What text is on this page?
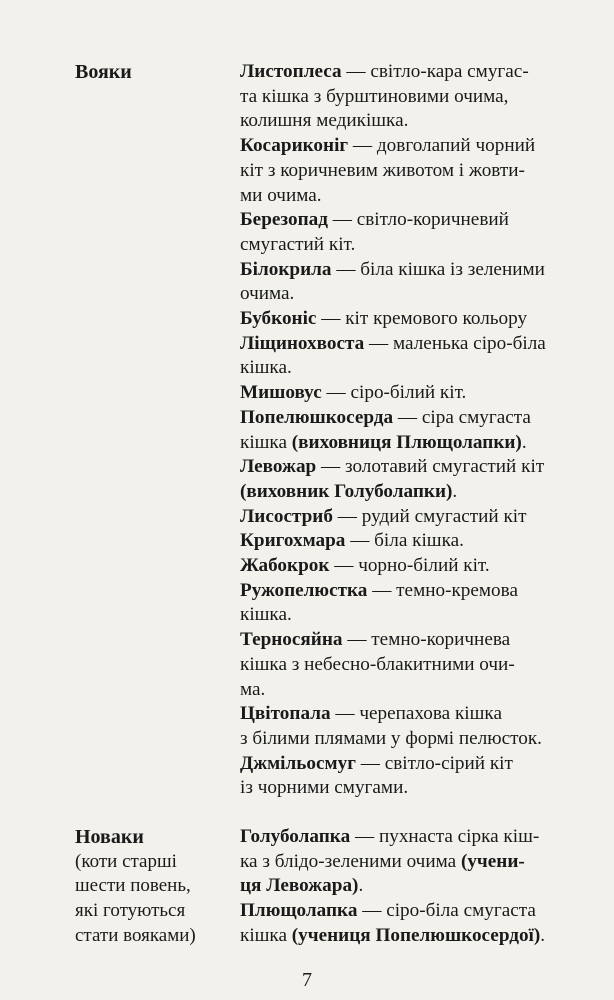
Вояки	Листоплеса — світло-кара смугас-
та кішка з бурштиновими очима,
колишня медикішка.
Косариконіг — довголапий чорний
кіт з коричневим животом і жовти-
ми очима.
Березопад — світло-коричневий
смугастий кіт.
Білокрила — біла кішка із зеленими
очима.
Бубконіс — кіт кремового кольору
Ліщинохвоста — маленька сіро-біла
кішка.
Мишовус — сіро-білий кіт.
Попелюшкосерда — сіра смугаста
кішка (виховниця Плющолапки).
Левожар — золотавий смугастий кіт
(виховник Голуболапки).
Лисостриб — рудий смугастий кіт
Кригохмара — біла кішка.
Жабокрок — чорно-білий кіт.
Ружопелюстка — темно-кремова
кішка.
Терносяйна — темно-коричнева
кішка з небесно-блакитними очи-
ма.
Цвітопала — черепахова кішка
з білими плямами у формі пелюсток.
Джмільосмуг — світло-сірий кіт
із чорними смугами.

Новаки

(коти старші

шести повень,

які готуються

стати вояками)

Голуболапка — пухнаста сірка кіш-
ка з блідо-зеленими очима (учени-
ця Левожара).
Плющолапка — сіро-біла смугаста
кішка (учениця Попелюшкосердої).
7
